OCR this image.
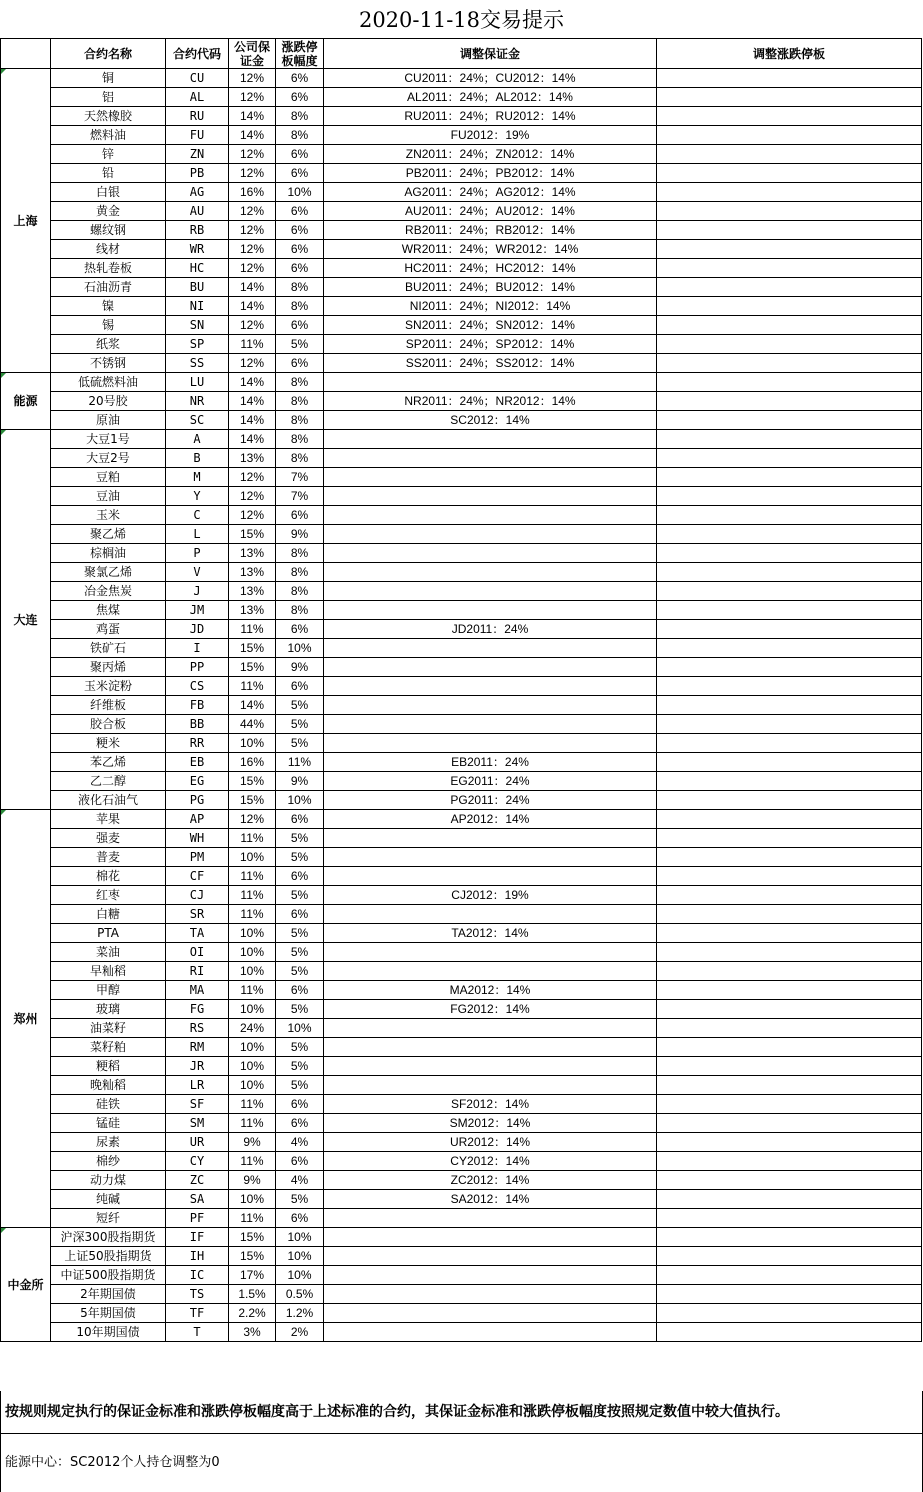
2020-11-18交易提示
	合约名称	合约代码	公司保证金	涨跌停板幅度	调整保证金	调整涨跌停板
上海	铜	CU	12%	6%	CU2011：24%；CU2012：14%	
	铝	AL	12%	6%	AL2011：24%；AL2012：14%	
	天然橡胶	RU	14%	8%	RU2011：24%；RU2012：14%	
	燃料油	FU	14%	8%	FU2012：19%	
	锌	ZN	12%	6%	ZN2011：24%；ZN2012：14%	
	铅	PB	12%	6%	PB2011：24%；PB2012：14%	
	白银	AG	16%	10%	AG2011：24%；AG2012：14%	
	黄金	AU	12%	6%	AU2011：24%；AU2012：14%	
	螺纹钢	RB	12%	6%	RB2011：24%；RB2012：14%	
	线材	WR	12%	6%	WR2011：24%；WR2012：14%	
	热轧卷板	HC	12%	6%	HC2011：24%；HC2012：14%	
	石油沥青	BU	14%	8%	BU2011：24%；BU2012：14%	
	镍	NI	14%	8%	NI2011：24%；NI2012：14%	
	锡	SN	12%	6%	SN2011：24%；SN2012：14%	
	纸浆	SP	11%	5%	SP2011：24%；SP2012：14%	
	不锈钢	SS	12%	6%	SS2011：24%；SS2012：14%	
能源	低硫燃料油	LU	14%	8%		
	20号胶	NR	14%	8%	NR2011：24%；NR2012：14%	
	原油	SC	14%	8%	SC2012：14%	
大连	大豆1号	A	14%	8%		
	大豆2号	B	13%	8%		
	豆粕	M	12%	7%		
	豆油	Y	12%	7%		
	玉米	C	12%	6%		
	聚乙烯	L	15%	9%		
	棕榈油	P	13%	8%		
	聚氯乙烯	V	13%	8%		
	冶金焦炭	J	13%	8%		
	焦煤	JM	13%	8%		
	鸡蛋	JD	11%	6%	JD2011：24%	
	铁矿石	I	15%	10%		
	聚丙烯	PP	15%	9%		
	玉米淀粉	CS	11%	6%		
	纤维板	FB	14%	5%		
	胶合板	BB	44%	5%		
	粳米	RR	10%	5%		
	苯乙烯	EB	16%	11%	EB2011：24%	
	乙二醇	EG	15%	9%	EG2011：24%	
	液化石油气	PG	15%	10%	PG2011：24%	
郑州	苹果	AP	12%	6%	AP2012：14%	
	强麦	WH	11%	5%		
	普麦	PM	10%	5%		
	棉花	CF	11%	6%		
	红枣	CJ	11%	5%	CJ2012：19%	
	白糖	SR	11%	6%		
	PTA	TA	10%	5%	TA2012：14%	
	菜油	OI	10%	5%		
	早籼稻	RI	10%	5%		
	甲醇	MA	11%	6%	MA2012：14%	
	玻璃	FG	10%	5%	FG2012：14%	
	油菜籽	RS	24%	10%		
	菜籽粕	RM	10%	5%		
	粳稻	JR	10%	5%		
	晚籼稻	LR	10%	5%		
	硅铁	SF	11%	6%	SF2012：14%	
	锰硅	SM	11%	6%	SM2012：14%	
	尿素	UR	9%	4%	UR2012：14%	
	棉纱	CY	11%	6%	CY2012：14%	
	动力煤	ZC	9%	4%	ZC2012：14%	
	纯碱	SA	10%	5%	SA2012：14%	
	短纤	PF	11%	6%		
中金所	沪深300股指期货	IF	15%	10%		
	上证50股指期货	IH	15%	10%		
	中证500股指期货	IC	17%	10%		
	2年期国债	TS	1.5%	0.5%		
	5年期国债	TF	2.2%	1.2%		
	10年期国债	T	3%	2%		
按规则规定执行的保证金标准和涨跌停板幅度高于上述标准的合约，其保证金标准和涨跌停板幅度按照规定数值中较大值执行。
能源中心：SC2012个人持仓调整为0
